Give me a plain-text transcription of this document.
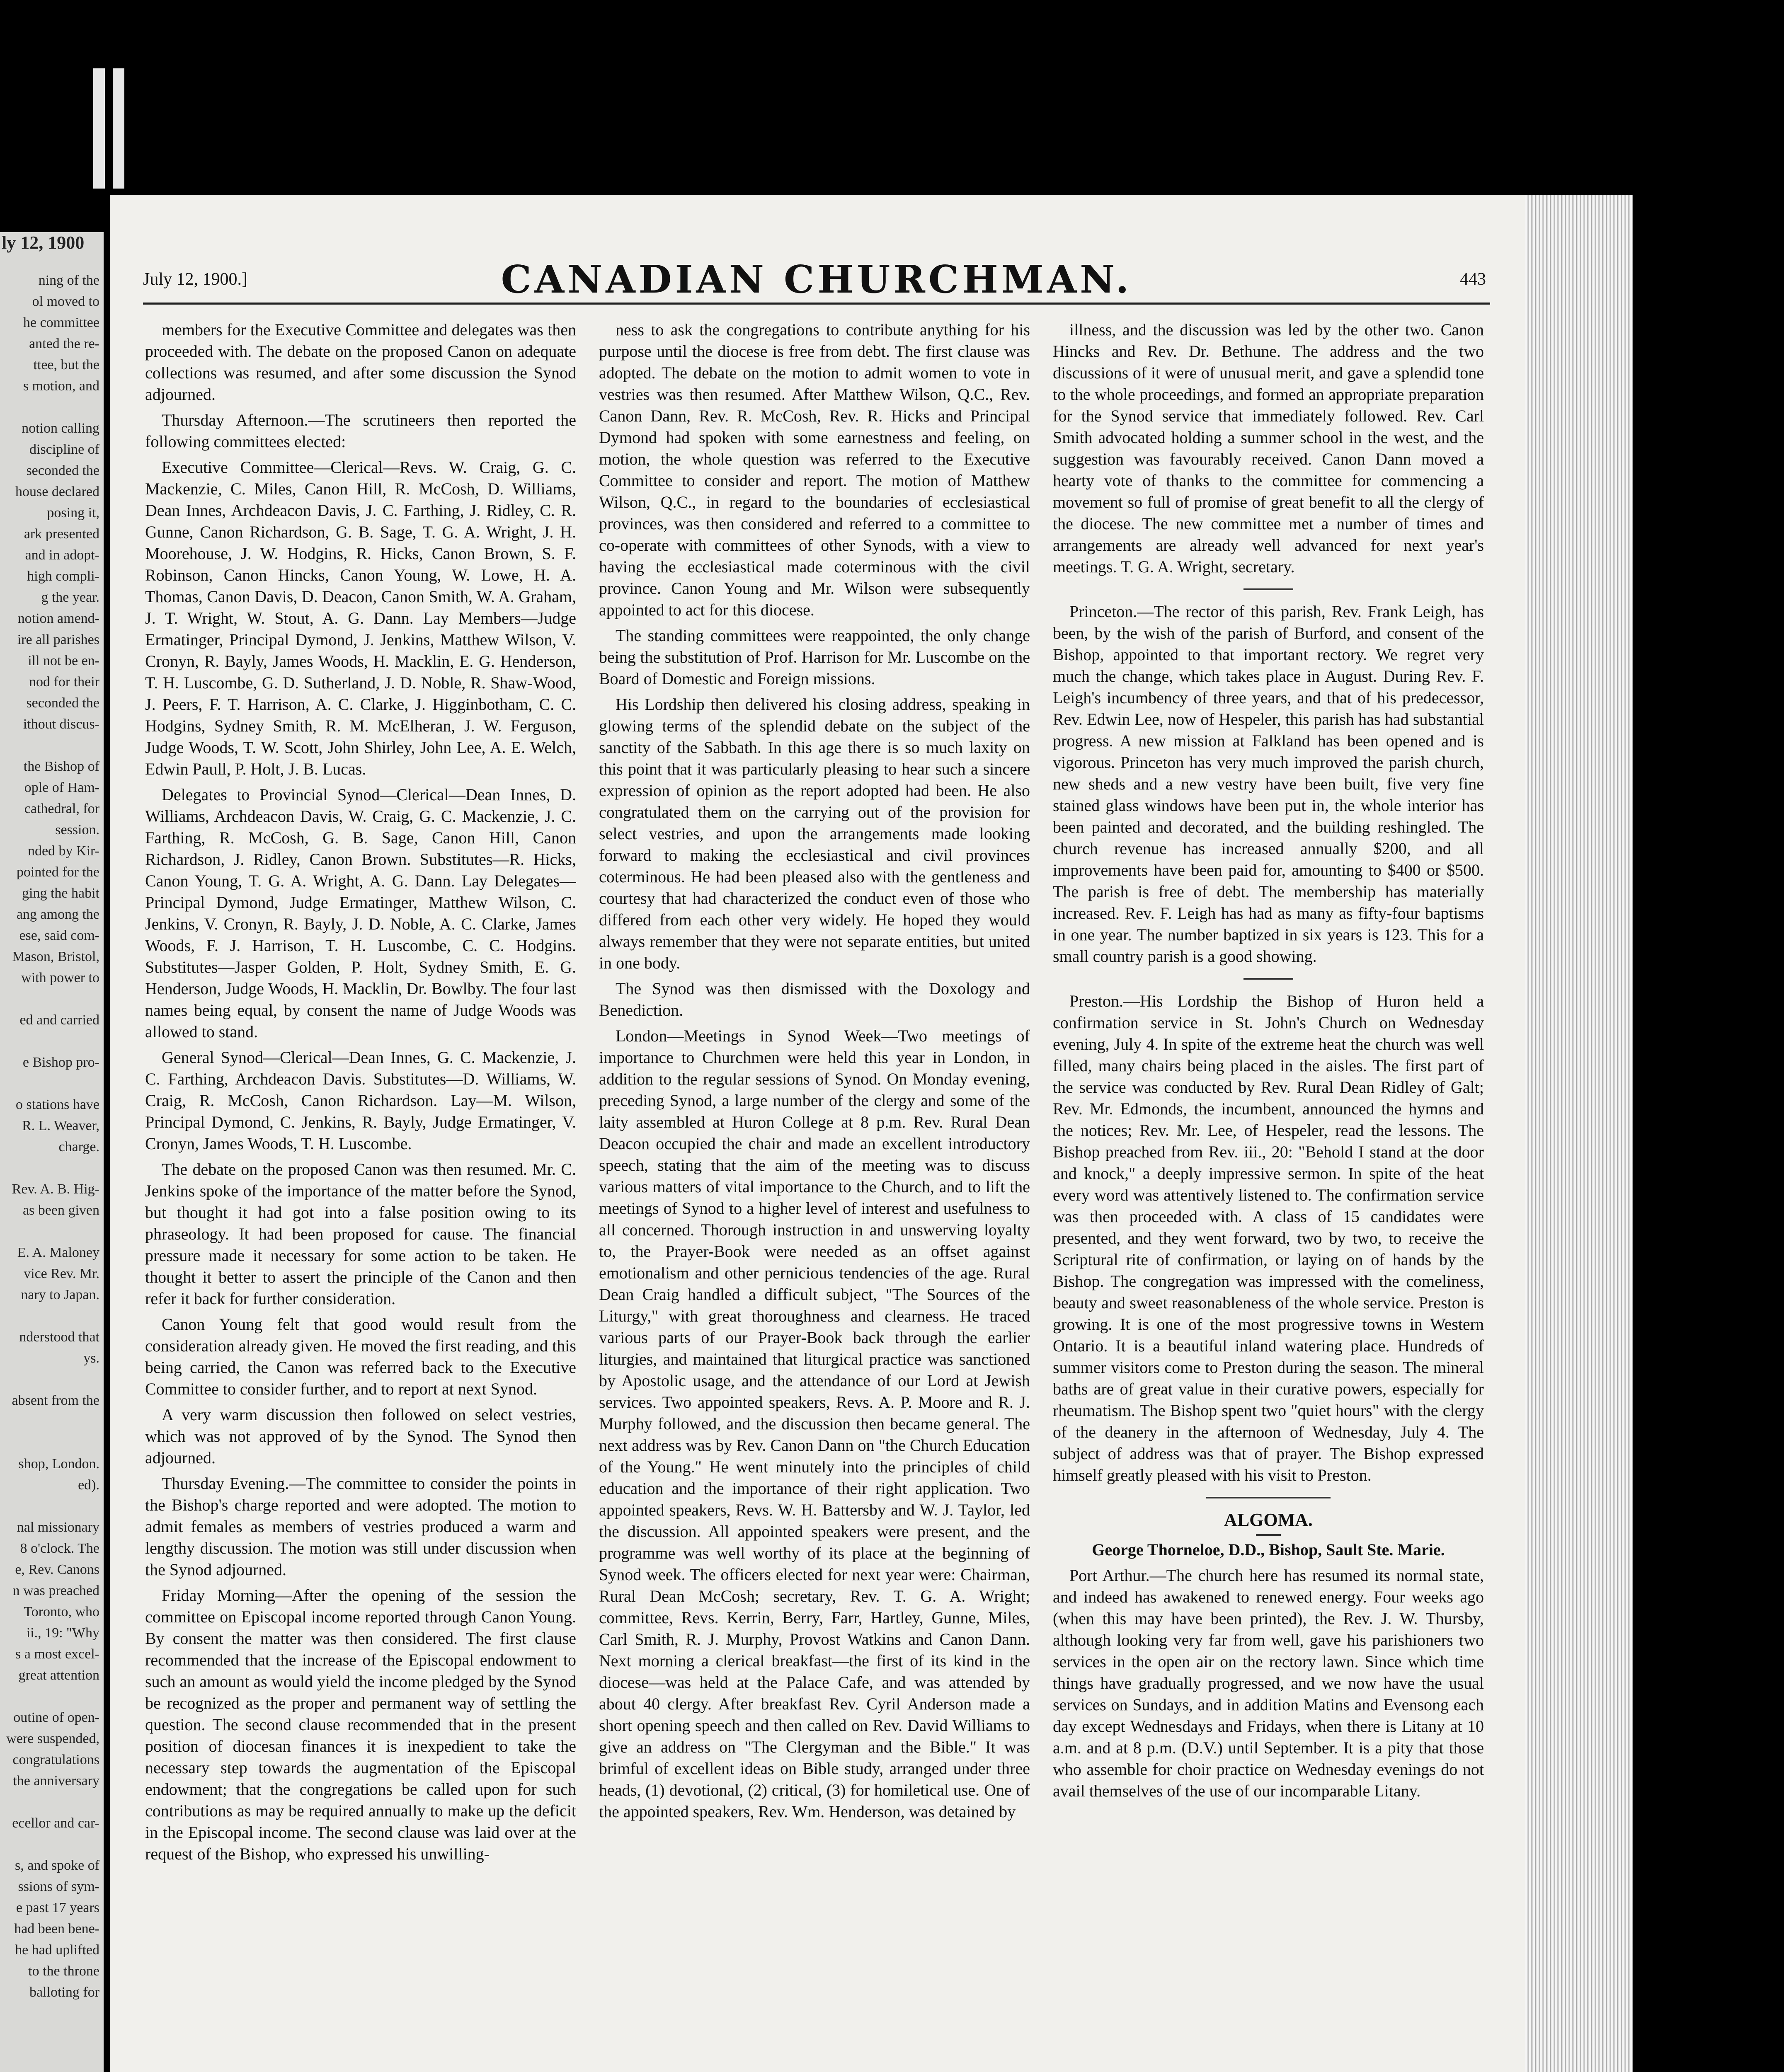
ly 12, 1900
ning of the
ol moved to
he committee
anted the re-
ttee, but the
s motion, and

notion calling
discipline of
seconded the
house declared
posing it,
ark presented
and in adopt-
high compli-
g the year.
notion amend-
ire all parishes
ill not be en-
nod for their
seconded the
ithout discus-

the Bishop of
ople of Ham-
cathedral, for
session.
nded by Kir-
pointed for the
ging the habit
ang among the
ese, said com-
Mason, Bristol,
with power to

ed and carried

e Bishop pro-

o stations have
R. L. Weaver,
charge.

Rev. A. B. Hig-
as been given

E. A. Maloney
vice Rev. Mr.
nary to Japan.

nderstood that
ys.

absent from the

shop, London.
ed).

nal missionary
8 o'clock. The
e, Rev. Canons
n was preached
Toronto, who
ii., 19: "Why
s a most excel-
great attention

outine of open-
were suspended,
congratulations
the anniversary

ecellor and car-

s, and spoke of
ssions of sym-
e past 17 years
had been bene-
he had uplifted
to the throne
balloting for
July 12, 1900.]	CANADIAN CHURCHMAN.	443

members for the Executive Committee and delegates was then proceeded with. The debate on the proposed Canon on adequate collections was resumed, and after some discussion the Synod adjourned.

Thursday Afternoon.—The scrutineers then reported the following committees elected:

Executive Committee—Clerical—Revs. W. Craig, G. C. Mackenzie, C. Miles, Canon Hill, R. McCosh, D. Williams, Dean Innes, Archdeacon Davis, J. C. Farthing, J. Ridley, C. R. Gunne, Canon Richardson, G. B. Sage, T. G. A. Wright, J. H. Moorehouse, J. W. Hodgins, R. Hicks, Canon Brown, S. F. Robinson, Canon Hincks, Canon Young, W. Lowe, H. A. Thomas, Canon Davis, D. Deacon, Canon Smith, W. A. Graham, J. T. Wright, W. Stout, A. G. Dann. Lay Members—Judge Ermatinger, Principal Dymond, J. Jenkins, Matthew Wilson, V. Cronyn, R. Bayly, James Woods, H. Macklin, E. G. Henderson, T. H. Luscombe, G. D. Sutherland, J. D. Noble, R. Shaw-Wood, J. Peers, F. T. Harrison, A. C. Clarke, J. Higginbotham, C. C. Hodgins, Sydney Smith, R. M. McElheran, J. W. Ferguson, Judge Woods, T. W. Scott, John Shirley, John Lee, A. E. Welch, Edwin Paull, P. Holt, J. B. Lucas.

Delegates to Provincial Synod—Clerical—Dean Innes, D. Williams, Archdeacon Davis, W. Craig, G. C. Mackenzie, J. C. Farthing, R. McCosh, G. B. Sage, Canon Hill, Canon Richardson, J. Ridley, Canon Brown. Substitutes—R. Hicks, Canon Young, T. G. A. Wright, A. G. Dann. Lay Delegates—Principal Dymond, Judge Ermatinger, Matthew Wilson, C. Jenkins, V. Cronyn, R. Bayly, J. D. Noble, A. C. Clarke, James Woods, F. J. Harrison, T. H. Luscombe, C. C. Hodgins. Substitutes—Jasper Golden, P. Holt, Sydney Smith, E. G. Henderson, Judge Woods, H. Macklin, Dr. Bowlby. The four last names being equal, by consent the name of Judge Woods was allowed to stand.

General Synod—Clerical—Dean Innes, G. C. Mackenzie, J. C. Farthing, Archdeacon Davis. Substitutes—D. Williams, W. Craig, R. McCosh, Canon Richardson. Lay—M. Wilson, Principal Dymond, C. Jenkins, R. Bayly, Judge Ermatinger, V. Cronyn, James Woods, T. H. Luscombe.

The debate on the proposed Canon was then resumed. Mr. C. Jenkins spoke of the importance of the matter before the Synod, but thought it had got into a false position owing to its phraseology. It had been proposed for cause. The financial pressure made it necessary for some action to be taken. He thought it better to assert the principle of the Canon and then refer it back for further consideration.

Canon Young felt that good would result from the consideration already given. He moved the first reading, and this being carried, the Canon was referred back to the Executive Committee to consider further, and to report at next Synod.

A very warm discussion then followed on select vestries, which was not approved of by the Synod. The Synod then adjourned.

Thursday Evening.—The committee to consider the points in the Bishop's charge reported and were adopted. The motion to admit females as members of vestries produced a warm and lengthy discussion. The motion was still under discussion when the Synod adjourned.

Friday Morning—After the opening of the session the committee on Episcopal income reported through Canon Young. By consent the matter was then considered. The first clause recommended that the increase of the Episcopal endowment to such an amount as would yield the income pledged by the Synod be recognized as the proper and permanent way of settling the question. The second clause recommended that in the present position of diocesan finances it is inexpedient to take the necessary step towards the augmentation of the Episcopal endowment; that the congregations be called upon for such contributions as may be required annually to make up the deficit in the Episcopal income. The second clause was laid over at the request of the Bishop, who expressed his unwilling-

ness to ask the congregations to contribute anything for his purpose until the diocese is free from debt. The first clause was adopted. The debate on the motion to admit women to vote in vestries was then resumed. After Matthew Wilson, Q.C., Rev. Canon Dann, Rev. R. McCosh, Rev. R. Hicks and Principal Dymond had spoken with some earnestness and feeling, on motion, the whole question was referred to the Executive Committee to consider and report. The motion of Matthew Wilson, Q.C., in regard to the boundaries of ecclesiastical provinces, was then considered and referred to a committee to co-operate with committees of other Synods, with a view to having the ecclesiastical made coterminous with the civil province. Canon Young and Mr. Wilson were subsequently appointed to act for this diocese.

The standing committees were reappointed, the only change being the substitution of Prof. Harrison for Mr. Luscombe on the Board of Domestic and Foreign missions.

His Lordship then delivered his closing address, speaking in glowing terms of the splendid debate on the subject of the sanctity of the Sabbath. In this age there is so much laxity on this point that it was particularly pleasing to hear such a sincere expression of opinion as the report adopted had been. He also congratulated them on the carrying out of the provision for select vestries, and upon the arrangements made looking forward to making the ecclesiastical and civil provinces coterminous. He had been pleased also with the gentleness and courtesy that had characterized the conduct even of those who differed from each other very widely. He hoped they would always remember that they were not separate entities, but united in one body.

The Synod was then dismissed with the Doxology and Benediction.

London—Meetings in Synod Week—Two meetings of importance to Churchmen were held this year in London, in addition to the regular sessions of Synod. On Monday evening, preceding Synod, a large number of the clergy and some of the laity assembled at Huron College at 8 p.m. Rev. Rural Dean Deacon occupied the chair and made an excellent introductory speech, stating that the aim of the meeting was to discuss various matters of vital importance to the Church, and to lift the meetings of Synod to a higher level of interest and usefulness to all concerned. Thorough instruction in and unswerving loyalty to, the Prayer-Book were needed as an offset against emotionalism and other pernicious tendencies of the age. Rural Dean Craig handled a difficult subject, "The Sources of the Liturgy," with great thoroughness and clearness. He traced various parts of our Prayer-Book back through the earlier liturgies, and maintained that liturgical practice was sanctioned by Apostolic usage, and the attendance of our Lord at Jewish services. Two appointed speakers, Revs. A. P. Moore and R. J. Murphy followed, and the discussion then became general. The next address was by Rev. Canon Dann on "the Church Education of the Young." He went minutely into the principles of child education and the importance of their right application. Two appointed speakers, Revs. W. H. Battersby and W. J. Taylor, led the discussion. All appointed speakers were present, and the programme was well worthy of its place at the beginning of Synod week. The officers elected for next year were: Chairman, Rural Dean McCosh; secretary, Rev. T. G. A. Wright; committee, Revs. Kerrin, Berry, Farr, Hartley, Gunne, Miles, Carl Smith, R. J. Murphy, Provost Watkins and Canon Dann. Next morning a clerical breakfast—the first of its kind in the diocese—was held at the Palace Cafe, and was attended by about 40 clergy. After breakfast Rev. Cyril Anderson made a short opening speech and then called on Rev. David Williams to give an address on "The Clergyman and the Bible." It was brimful of excellent ideas on Bible study, arranged under three heads, (1) devotional, (2) critical, (3) for homiletical use. One of the appointed speakers, Rev. Wm. Henderson, was detained by

illness, and the discussion was led by the other two. Canon Hincks and Rev. Dr. Bethune. The address and the two discussions of it were of unusual merit, and gave a splendid tone to the whole proceedings, and formed an appropriate preparation for the Synod service that immediately followed. Rev. Carl Smith advocated holding a summer school in the west, and the suggestion was favourably received. Canon Dann moved a hearty vote of thanks to the committee for commencing a movement so full of promise of great benefit to all the clergy of the diocese. The new committee met a number of times and arrangements are already well advanced for next year's meetings. T. G. A. Wright, secretary.

Princeton.—The rector of this parish, Rev. Frank Leigh, has been, by the wish of the parish of Burford, and consent of the Bishop, appointed to that important rectory. We regret very much the change, which takes place in August. During Rev. F. Leigh's incumbency of three years, and that of his predecessor, Rev. Edwin Lee, now of Hespeler, this parish has had substantial progress. A new mission at Falkland has been opened and is vigorous. Princeton has very much improved the parish church, new sheds and a new vestry have been built, five very fine stained glass windows have been put in, the whole interior has been painted and decorated, and the building reshingled. The church revenue has increased annually $200, and all improvements have been paid for, amounting to $400 or $500. The parish is free of debt. The membership has materially increased. Rev. F. Leigh has had as many as fifty-four baptisms in one year. The number baptized in six years is 123. This for a small country parish is a good showing.

Preston.—His Lordship the Bishop of Huron held a confirmation service in St. John's Church on Wednesday evening, July 4. In spite of the extreme heat the church was well filled, many chairs being placed in the aisles. The first part of the service was conducted by Rev. Rural Dean Ridley of Galt; Rev. Mr. Edmonds, the incumbent, announced the hymns and the notices; Rev. Mr. Lee, of Hespeler, read the lessons. The Bishop preached from Rev. iii., 20: "Behold I stand at the door and knock," a deeply impressive sermon. In spite of the heat every word was attentively listened to. The confirmation service was then proceeded with. A class of 15 candidates were presented, and they went forward, two by two, to receive the Scriptural rite of confirmation, or laying on of hands by the Bishop. The congregation was impressed with the comeliness, beauty and sweet reasonableness of the whole service. Preston is growing. It is one of the most progressive towns in Western Ontario. It is a beautiful inland watering place. Hundreds of summer visitors come to Preston during the season. The mineral baths are of great value in their curative powers, especially for rheumatism. The Bishop spent two "quiet hours" with the clergy of the deanery in the afternoon of Wednesday, July 4. The subject of address was that of prayer. The Bishop expressed himself greatly pleased with his visit to Preston.

ALGOMA.
George Thorneloe, D.D., Bishop, Sault Ste. Marie.

Port Arthur.—The church here has resumed its normal state, and indeed has awakened to renewed energy. Four weeks ago (when this may have been printed), the Rev. J. W. Thursby, although looking very far from well, gave his parishioners two services in the open air on the rectory lawn. Since which time things have gradually progressed, and we now have the usual services on Sundays, and in addition Matins and Evensong each day except Wednesdays and Fridays, when there is Litany at 10 a.m. and at 8 p.m. (D.V.) until September. It is a pity that those who assemble for choir practice on Wednesday evenings do not avail themselves of the use of our incomparable Litany.
